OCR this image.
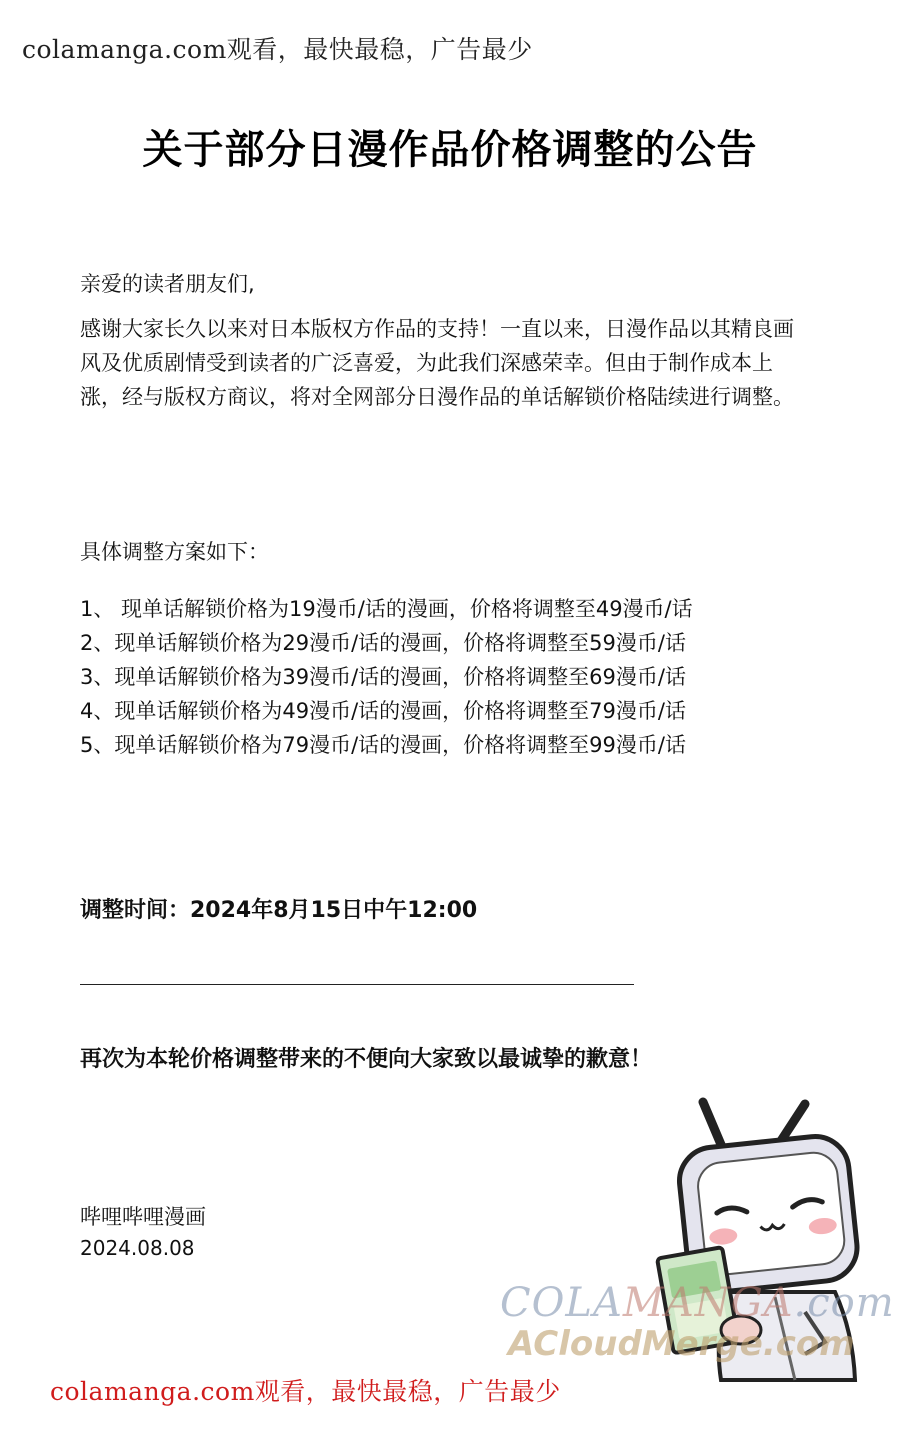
colamanga.com观看，最快最稳，广告最少
关于部分日漫作品价格调整的公告
亲爱的读者朋友们,

感谢大家长久以来对日本版权方作品的支持！一直以来，日漫作品以其精良画风及优质剧情受到读者的广泛喜爱，为此我们深感荣幸。但由于制作成本上涨，经与版权方商议，将对全网部分日漫作品的单话解锁价格陆续进行调整。

具体调整方案如下：
1、 现单话解锁价格为19漫币/话的漫画，价格将调整至49漫币/话
2、现单话解锁价格为29漫币/话的漫画，价格将调整至59漫币/话
3、现单话解锁价格为39漫币/话的漫画，价格将调整至69漫币/话
4、现单话解锁价格为49漫币/话的漫画，价格将调整至79漫币/话
5、现单话解锁价格为79漫币/话的漫画，价格将调整至99漫币/话
调整时间：2024年8月15日中午12:00
再次为本轮价格调整带来的不便向大家致以最诚挚的歉意！
哔哩哔哩漫画
2024.08.08
COLAMANGA.com
ACloudMerge.com
colamanga.com观看，最快最稳，广告最少
